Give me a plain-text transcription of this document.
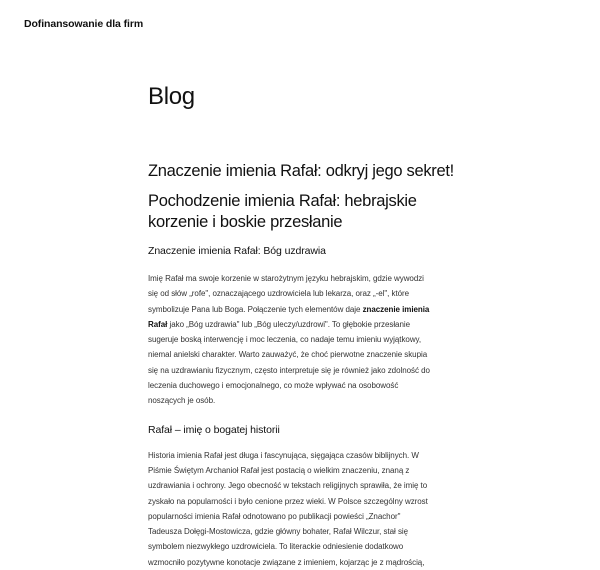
Dofinansowanie dla firm
Blog
Znaczenie imienia Rafał: odkryj jego sekret!
Pochodzenie imienia Rafał: hebrajskie korzenie i boskie przesłanie
Znaczenie imienia Rafał: Bóg uzdrawia

Imię Rafał ma swoje korzenie w starożytnym języku hebrajskim, gdzie wywodzi
się od słów „rofe", oznaczającego uzdrowiciela lub lekarza, oraz „-el", które
symbolizuje Pana lub Boga. Połączenie tych elementów daje znaczenie imienia
Rafał jako „Bóg uzdrawia" lub „Bóg uleczy/uzdrowi". To głębokie przesłanie
sugeruje boską interwencję i moc leczenia, co nadaje temu imieniu wyjątkowy,
niemal anielski charakter. Warto zauważyć, że choć pierwotne znaczenie skupia
się na uzdrawianiu fizycznym, często interpretuje się je również jako zdolność do
leczenia duchowego i emocjonalnego, co może wpływać na osobowość
noszących je osób.

Rafał – imię o bogatej historii

Historia imienia Rafał jest długa i fascynująca, sięgająca czasów biblijnych. W
Piśmie Świętym Archanioł Rafał jest postacią o wielkim znaczeniu, znaną z
uzdrawiania i ochrony. Jego obecność w tekstach religijnych sprawiła, że imię to
zyskało na popularności i było cenione przez wieki. W Polsce szczególny wzrost
popularności imienia Rafał odnotowano po publikacji powieści „Znachor"
Tadeusza Dołęgi-Mostowicza, gdzie główny bohater, Rafał Wilczur, stał się
symbolem niezwykłego uzdrowiciela. To literackie odniesienie dodatkowo
wzmocniło pozytywne konotacje związane z imieniem, kojarząc je z mądrością,
